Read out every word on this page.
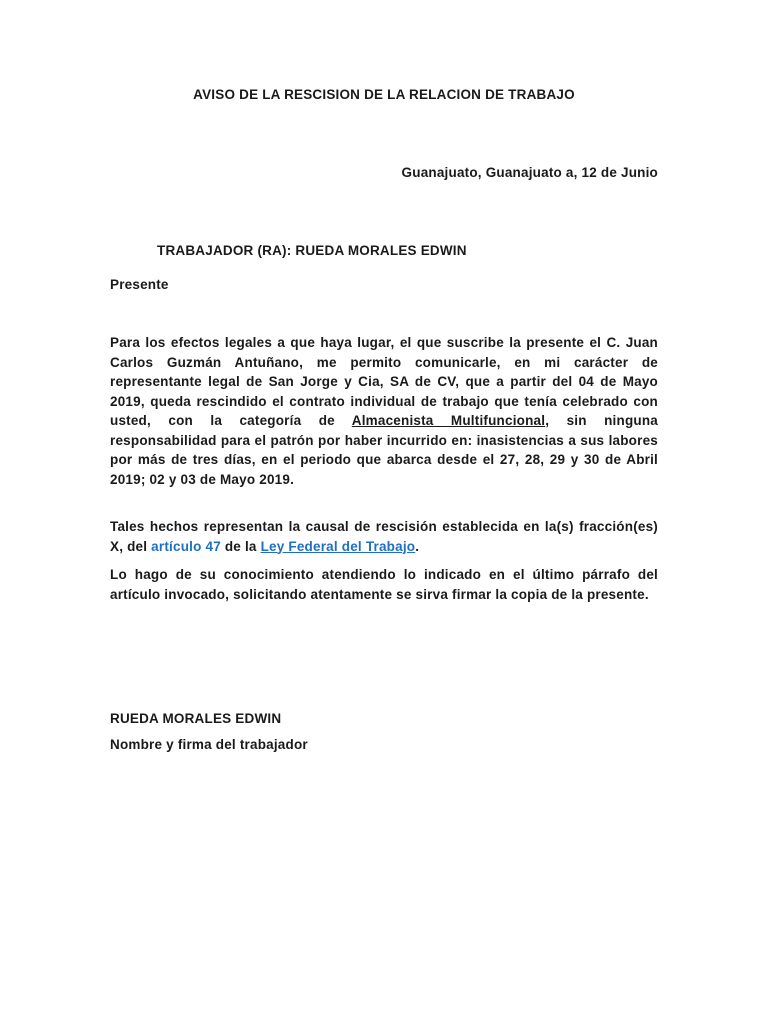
AVISO DE LA RESCISION DE LA RELACION DE TRABAJO
Guanajuato, Guanajuato a, 12 de Junio
TRABAJADOR (RA): RUEDA MORALES EDWIN
Presente

Para los efectos legales a que haya lugar, el que suscribe la presente el C. Juan Carlos Guzmán Antuñano, me permito comunicarle, en mi carácter de representante legal de San Jorge y Cia, SA de CV, que a partir del 04 de Mayo 2019, queda rescindido el contrato individual de trabajo que tenía celebrado con usted, con la categoría de Almacenista Multifuncional, sin ninguna responsabilidad para el patrón por haber incurrido en: inasistencias a sus labores por más de tres días, en el periodo que abarca desde el 27, 28, 29 y 30 de Abril 2019; 02 y 03 de Mayo 2019.

Tales hechos representan la causal de rescisión establecida en la(s) fracción(es) X, del artículo 47 de la Ley Federal del Trabajo.

Lo hago de su conocimiento atendiendo lo indicado en el último párrafo del artículo invocado, solicitando atentamente se sirva firmar la copia de la presente.

RUEDA MORALES EDWIN
Nombre y firma del trabajador
